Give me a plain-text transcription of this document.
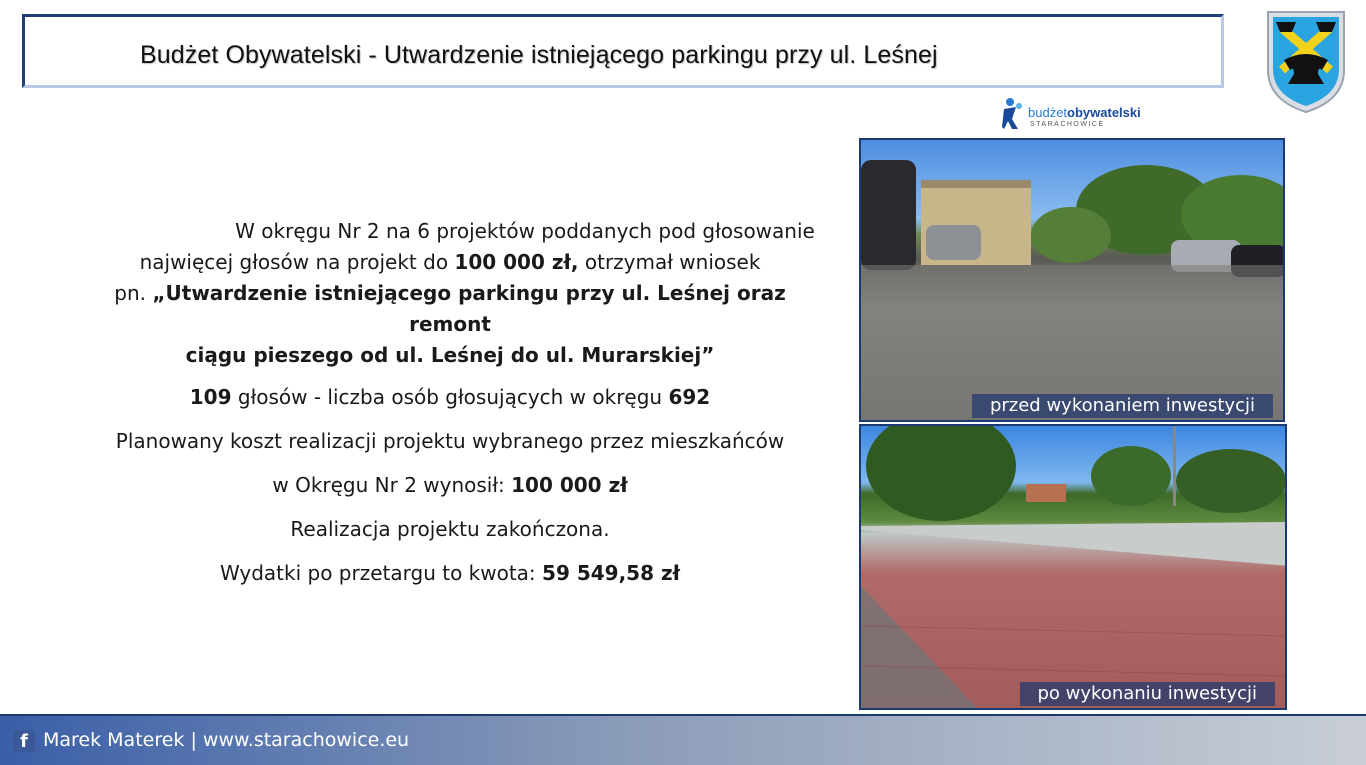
Budżet Obywatelski - Utwardzenie istniejącego parkingu przy ul. Leśnej
budżetobywatelski
STARACHOWICE

W okręgu Nr 2 na 6 projektów poddanych pod głosowanie
najwięcej głosów na projekt do 100 000 zł, otrzymał wniosek
pn. „Utwardzenie istniejącego parkingu przy ul. Leśnej oraz remont
ciągu pieszego od ul. Leśnej do ul. Murarskiej”

109 głosów - liczba osób głosujących w okręgu 692

Planowany koszt realizacji projektu wybranego przez mieszkańców

w Okręgu Nr 2 wynosił: 100 000 zł

Realizacja projektu zakończona.

Wydatki po przetargu to kwota: 59 549,58 zł

przed wykonaniem inwestycji
po wykonaniu inwestycji
f Marek Materek | www.starachowice.eu
